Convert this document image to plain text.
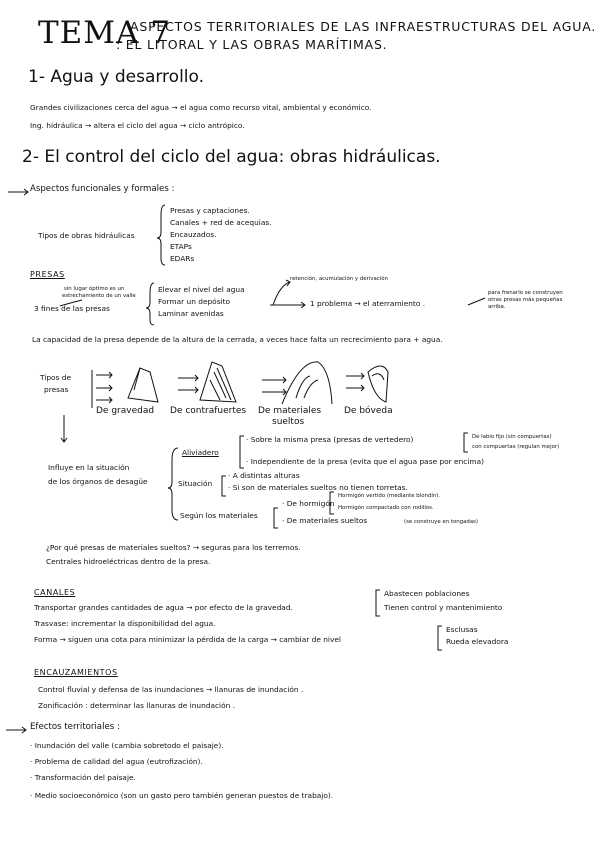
TEMA 7
ASPECTOS TERRITORIALES DE LAS INFRAESTRUCTURAS DEL AGUA.
: EL LITORAL Y LAS OBRAS MARÍTIMAS.
1- Agua y desarrollo.
Grandes civilizaciones cerca del agua → el agua como recurso vital, ambiental y económico.
Ing. hidráulica → altera el ciclo del agua → ciclo antrópico.
2- El control del ciclo del agua: obras hidráulicas.
Aspectos funcionales y formales :
Tipos de obras hidráulicas
Presas y captaciones.
Canales + red de acequias.
Encauzados.
ETAPs
EDARs
PRESAS
sin lugar óptimo es un
estrechamiento de un valle
3 fines de las presas
Elevar el nivel del agua
Formar un depósito
Laminar avenidas
retención, acumulación y derivación
1 problema → el aterramiento .
para frenarlo se construyen
otras presas más pequeñas
arriba.
La capacidad de la presa depende de la altura de la cerrada, a veces hace falta un recrecimiento para + agua.
Tipos de
presas
De gravedad De contrafuertes De materiales
sueltos
De bóveda
Influye en la situación
de los órganos de desagüe
Aliviadero
· Sobre la misma presa (presas de vertedero)
· Independiente de la presa (evita que el agua pase por encima)
De labio fijo (sin compuertas)
con compuertas (regulan mejor)
Situación
· A distintas alturas
· Si son de materiales sueltos no tienen torretas.
Según los materiales
· De hormigón
Hormigón vertido (mediante blondín).
Hormigón compactado con rodillos.
· De materiales sueltos	(se construye en tongadas)
¿Por qué presas de materiales sueltos? → seguras para los terremos.
Centrales hidroeléctricas dentro de la presa.
CANALES
Transportar grandes cantidades de agua → por efecto de la gravedad.
Abastecen poblaciones
Tienen control y mantenimiento
Trasvase: incrementar la disponibilidad del agua.
Forma → siguen una cota para minimizar la pérdida de la carga → cambiar de nivel
Esclusas
Rueda elevadora
ENCAUZAMIENTOS
Control fluvial y defensa de las inundaciones → llanuras de inundación .
Zonificación : determinar las llanuras de inundación .
Efectos territoriales :
· Inundación del valle (cambia sobretodo el paisaje).
· Problema de calidad del agua (eutrofización).
· Transformación del paisaje.
· Medio socioeconómico (son un gasto pero también generan puestos de trabajo).
